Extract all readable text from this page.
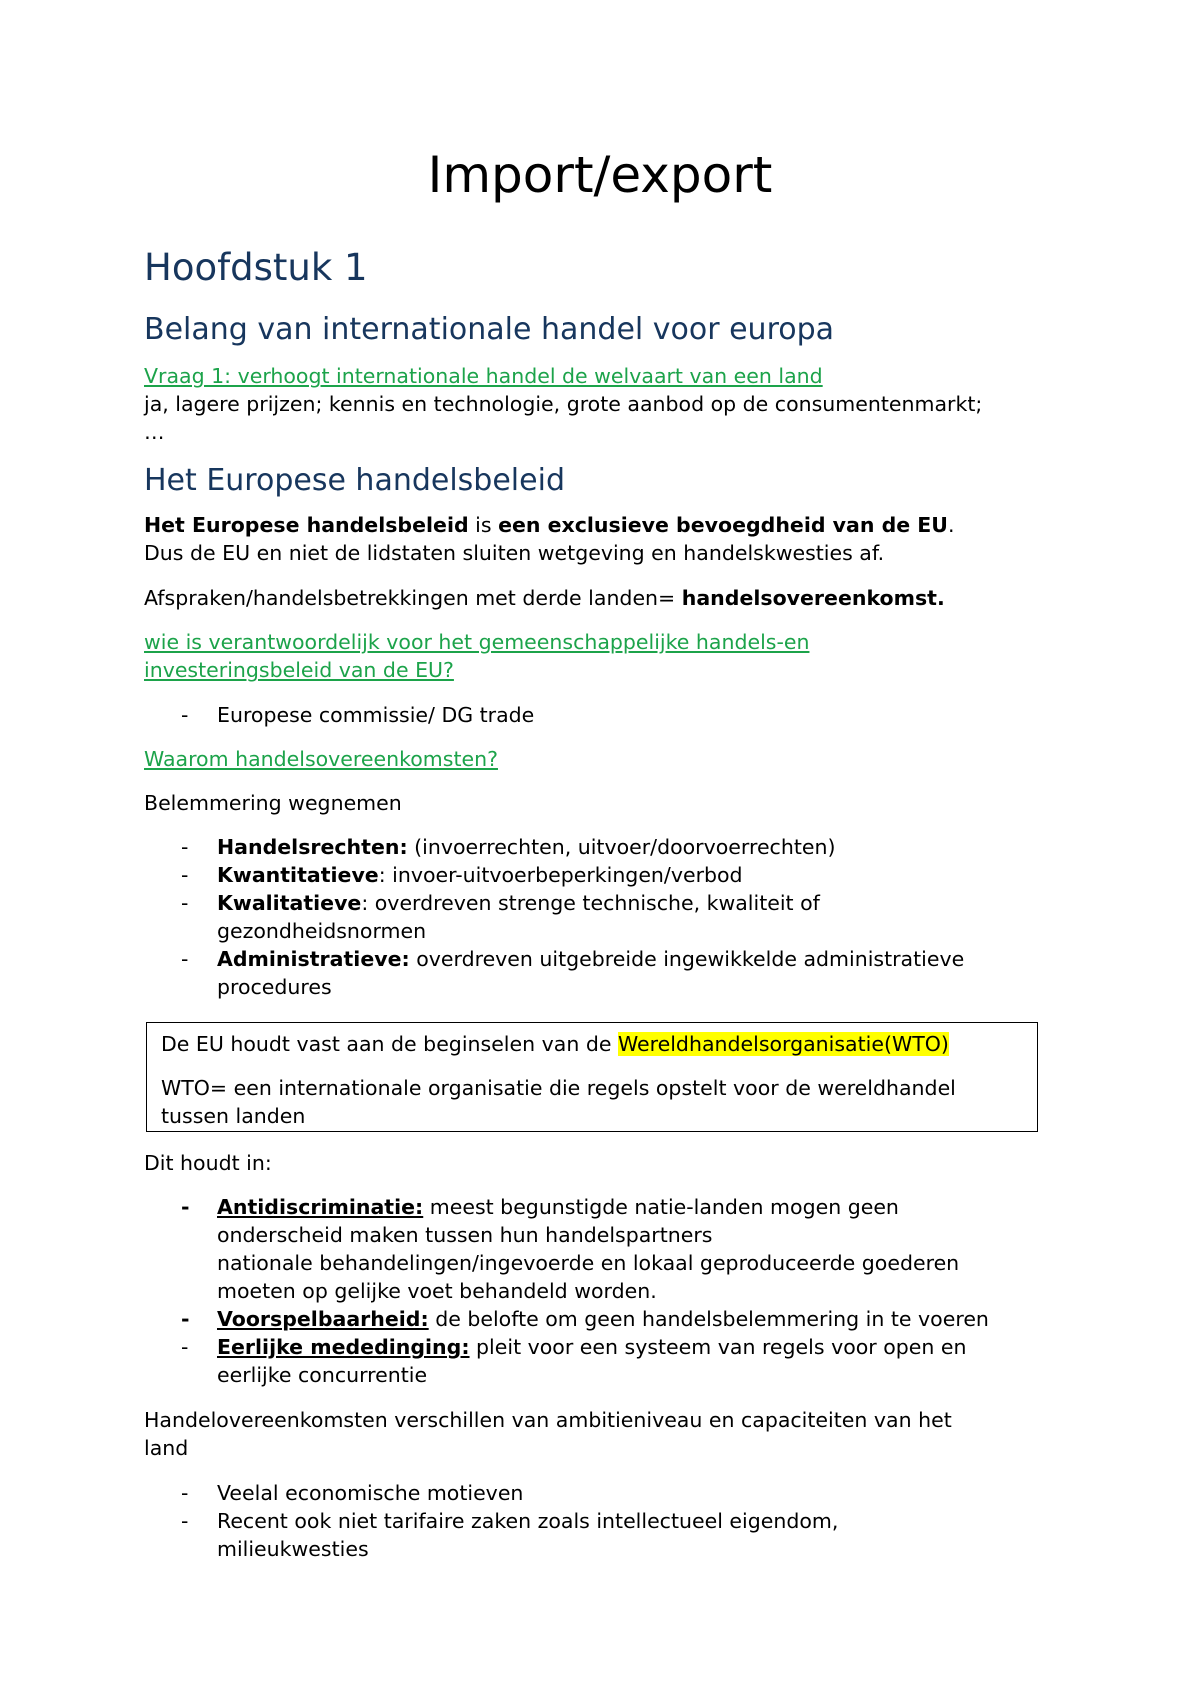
Import/export
Hoofdstuk 1
Belang van internationale handel voor europa

Vraag 1: verhoogt internationale handel de welvaart van een land
ja, lagere prijzen; kennis en technologie, grote aanbod op de consumentenmarkt;
…

Het Europese handelsbeleid

Het Europese handelsbeleid is een exclusieve bevoegdheid van de EU.
Dus de EU en niet de lidstaten sluiten wetgeving en handelskwesties af.

Afspraken/handelsbetrekkingen met derde landen= handelsovereenkomst.

wie is verantwoordelijk voor het gemeenschappelijke handels-en
investeringsbeleid van de EU?

- Europese commissie/ DG trade

Waarom handelsovereenkomsten?

Belemmering wegnemen

- Handelsrechten: (invoerrechten, uitvoer/doorvoerrechten)
- Kwantitatieve: invoer-uitvoerbeperkingen/verbod
- Kwalitatieve: overdreven strenge technische, kwaliteit of
gezondheidsnormen
- Administratieve: overdreven uitgebreide ingewikkelde administratieve
procedures
De EU houdt vast aan de beginselen van de Wereldhandelsorganisatie(WTO)
WTO= een internationale organisatie die regels opstelt voor de wereldhandel
tussen landen

Dit houdt in:

- Antidiscriminatie: meest begunstigde natie-landen mogen geen
onderscheid maken tussen hun handelspartners
nationale behandelingen/ingevoerde en lokaal geproduceerde goederen
moeten op gelijke voet behandeld worden.
- Voorspelbaarheid: de belofte om geen handelsbelemmering in te voeren
- Eerlijke mededinging: pleit voor een systeem van regels voor open en
eerlijke concurrentie

Handelovereenkomsten verschillen van ambitieniveau en capaciteiten van het
land

- Veelal economische motieven
- Recent ook niet tarifaire zaken zoals intellectueel eigendom,
milieukwesties
